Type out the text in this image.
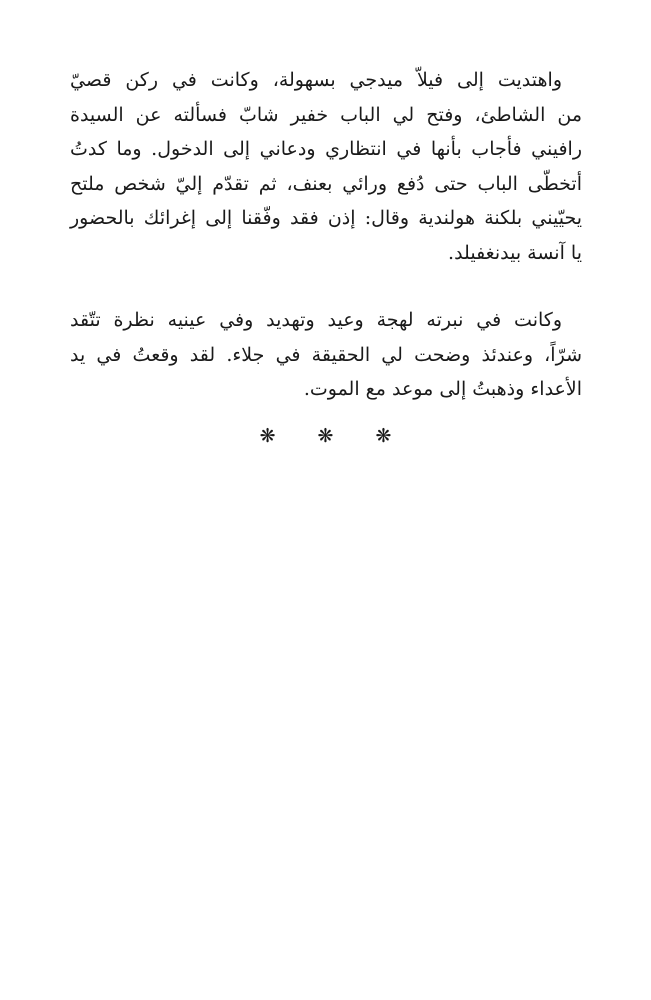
واهتديت إلى فيلاّ ميدجي بسهولة، وكانت في ركن قصيّ
من الشاطئ، وفتح لي الباب خفير شابّ فسألته عن السيدة
رافيني فأجاب بأنها في انتظاري ودعاني إلى الدخول. وما كدتُ
أتخطّى الباب حتى دُفع ورائي بعنف، ثم تقدّم إليّ شخص ملتح
يحيّيني بلكنة هولندية وقال: إذن فقد وفّقنا إلى إغرائك بالحضور
يا آنسة بيدنغفيلد.
وكانت في نبرته لهجة وعيد وتهديد وفي عينيه نظرة تتّقد
شرّاً، وعندئذ وضحت لي الحقيقة في جلاء. لقد وقعتُ في يد
الأعداء وذهبتُ إلى موعد مع الموت.
❋ ❋ ❋
